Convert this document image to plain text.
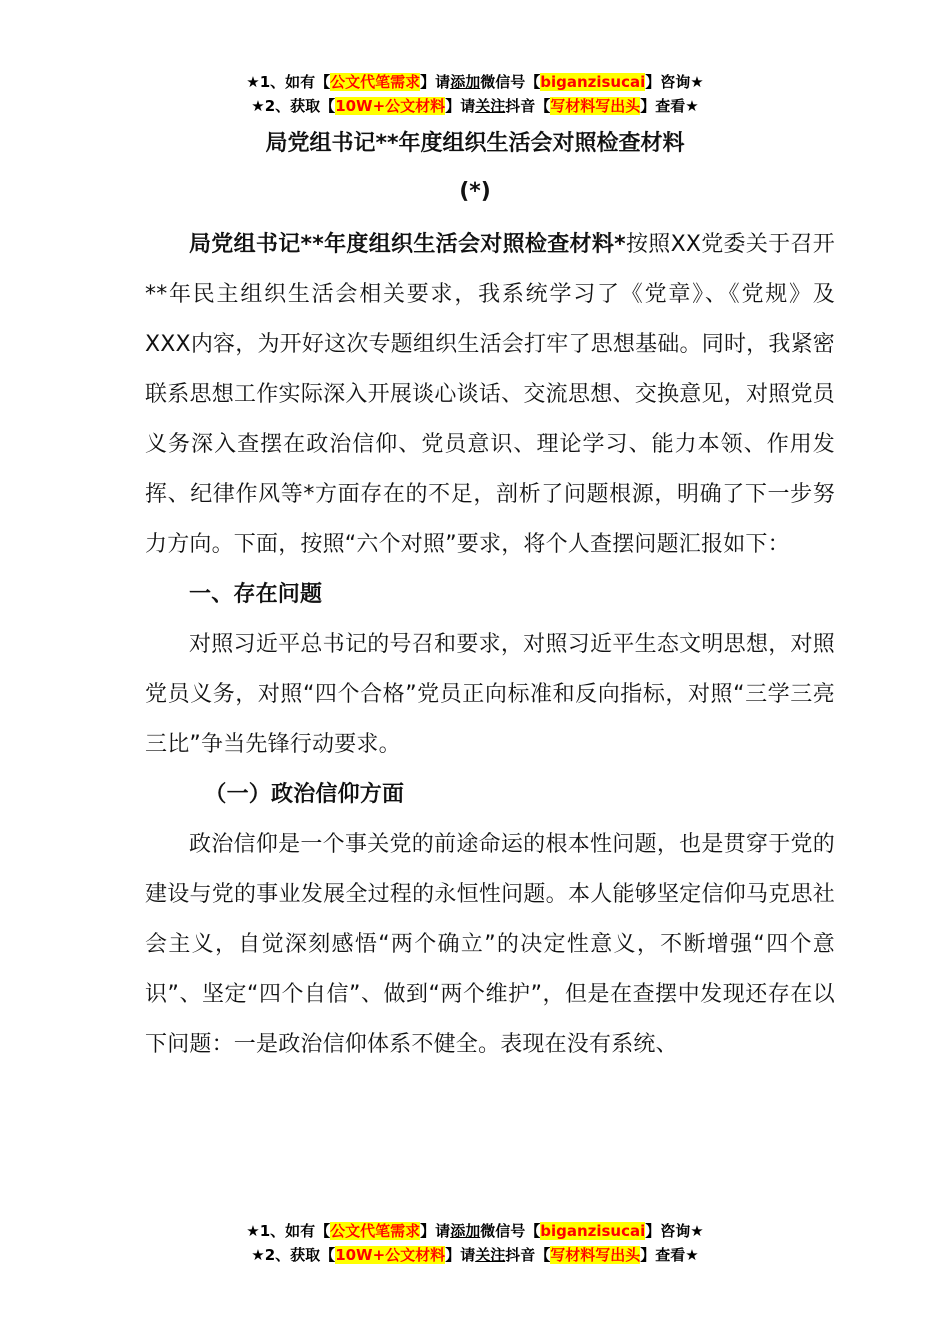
★1、如有【公文代笔需求】请添加微信号【biganzisucai】咨询★
★2、获取【10W+公文材料】请关注抖音【写材料写出头】查看★
局党组书记**年度组织生活会对照检查材料
(*)

局党组书记**年度组织生活会对照检查材料*按照XX党委关于召开**年民主组织生活会相关要求，我系统学习了《党章》、《党规》及XXX内容，为开好这次专题组织生活会打牢了思想基础。同时，我紧密联系思想工作实际深入开展谈心谈话、交流思想、交换意见，对照党员义务深入查摆在政治信仰、党员意识、理论学习、能力本领、作用发挥、纪律作风等*方面存在的不足，剖析了问题根源，明确了下一步努力方向。下面，按照“六个对照”要求，将个人查摆问题汇报如下：

一、存在问题

对照习近平总书记的号召和要求，对照习近平生态文明思想，对照党员义务，对照“四个合格”党员正向标准和反向指标，对照“三学三亮三比”争当先锋行动要求。

（一）政治信仰方面

政治信仰是一个事关党的前途命运的根本性问题，也是贯穿于党的建设与党的事业发展全过程的永恒性问题。本人能够坚定信仰马克思社会主义，自觉深刻感悟“两个确立”的决定性意义，不断增强“四个意识”、坚定“四个自信”、做到“两个维护”，但是在查摆中发现还存在以下问题：一是政治信仰体系不健全。表现在没有系统、

★1、如有【公文代笔需求】请添加微信号【biganzisucai】咨询★
★2、获取【10W+公文材料】请关注抖音【写材料写出头】查看★
